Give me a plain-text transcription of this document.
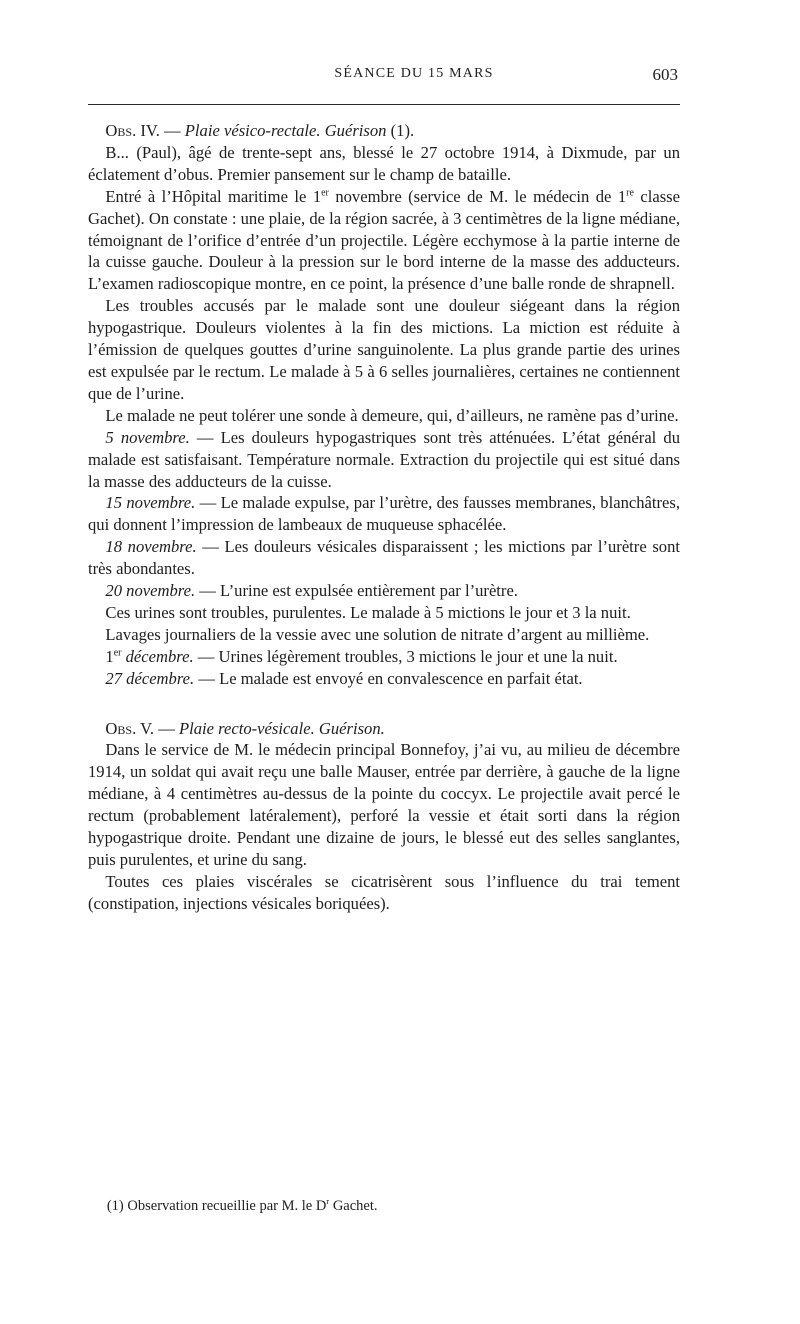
SÉANCE DU 15 MARS	603

Obs. IV. — Plaie vésico-rectale. Guérison (1).

B... (Paul), âgé de trente-sept ans, blessé le 27 octobre 1914, à Dixmude, par un éclatement d’obus. Premier pansement sur le champ de bataille.

Entré à l’Hôpital maritime le 1er novembre (service de M. le médecin de 1re classe Gachet). On constate : une plaie, de la région sacrée, à 3 centimètres de la ligne médiane, témoignant de l’orifice d’entrée d’un projectile. Légère ecchymose à la partie interne de la cuisse gauche. Douleur à la pression sur le bord interne de la masse des adducteurs. L’examen radioscopique montre, en ce point, la présence d’une balle ronde de shrapnell.

Les troubles accusés par le malade sont une douleur siégeant dans la région hypogastrique. Douleurs violentes à la fin des mictions. La miction est réduite à l’émission de quelques gouttes d’urine sanguinolente. La plus grande partie des urines est expulsée par le rectum. Le malade à 5 à 6 selles journalières, certaines ne contiennent que de l’urine.

Le malade ne peut tolérer une sonde à demeure, qui, d’ailleurs, ne ramène pas d’urine.

5 novembre. — Les douleurs hypogastriques sont très atténuées. L’état général du malade est satisfaisant. Température normale. Extraction du projectile qui est situé dans la masse des adducteurs de la cuisse.

15 novembre. — Le malade expulse, par l’urètre, des fausses membranes, blanchâtres, qui donnent l’impression de lambeaux de muqueuse sphacélée.

18 novembre. — Les douleurs vésicales disparaissent ; les mictions par l’urètre sont très abondantes.

20 novembre. — L’urine est expulsée entièrement par l’urètre.

Ces urines sont troubles, purulentes. Le malade à 5 mictions le jour et 3 la nuit.

Lavages journaliers de la vessie avec une solution de nitrate d’argent au millième.

1er décembre. — Urines légèrement troubles, 3 mictions le jour et une la nuit.

27 décembre. — Le malade est envoyé en convalescence en parfait état.

Obs. V. — Plaie recto-vésicale. Guérison.

Dans le service de M. le médecin principal Bonnefoy, j’ai vu, au milieu de décembre 1914, un soldat qui avait reçu une balle Mauser, entrée par derrière, à gauche de la ligne médiane, à 4 centimètres au-dessus de la pointe du coccyx. Le projectile avait percé le rectum (probablement latéralement), perforé la vessie et était sorti dans la région hypogastrique droite. Pendant une dizaine de jours, le blessé eut des selles sanglantes, puis purulentes, et urine du sang.

Toutes ces plaies viscérales se cicatrisèrent sous l’influence du trai tement (constipation, injections vésicales boriquées).

(1) Observation recueillie par M. le $D^r$ Gachet.
